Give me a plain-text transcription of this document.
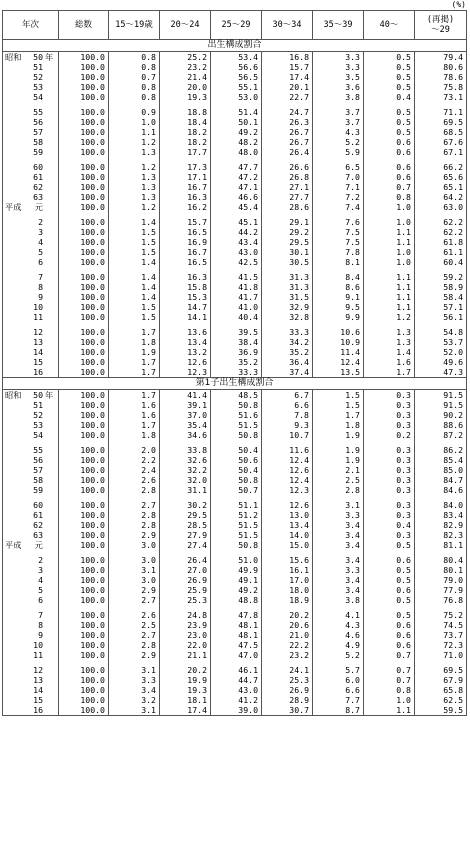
(%)
年次	総数	15～19歳	20～24	25～29	30～34	35～39	40～	(再掲)
～29
出生構成割合								
昭和 50 年	100.0	0.8	25.2	53.4	16.8	3.3	0.5	79.4
51	100.0	0.8	23.2	56.6	15.7	3.3	0.5	80.6
52	100.0	0.7	21.4	56.5	17.4	3.5	0.5	78.6
53	100.0	0.8	20.0	55.1	20.1	3.6	0.5	75.8
54	100.0	0.8	19.3	53.0	22.7	3.8	0.4	73.1

55	100.0	0.9	18.8	51.4	24.7	3.7	0.5	71.1
56	100.0	1.0	18.4	50.1	26.3	3.7	0.5	69.5
57	100.0	1.1	18.2	49.2	26.7	4.3	0.5	68.5
58	100.0	1.2	18.2	48.2	26.7	5.2	0.6	67.6
59	100.0	1.3	17.7	48.0	26.4	5.9	0.6	67.1

60	100.0	1.2	17.3	47.7	26.6	6.5	0.6	66.2
61	100.0	1.3	17.1	47.2	26.8	7.0	0.6	65.6
62	100.0	1.3	16.7	47.1	27.1	7.1	0.7	65.1
63	100.0	1.3	16.3	46.6	27.7	7.2	0.8	64.2
平成 元	100.0	1.2	16.2	45.4	28.6	7.4	1.0	63.0

2	100.0	1.4	15.7	45.1	29.1	7.6	1.0	62.2
3	100.0	1.5	16.5	44.2	29.2	7.5	1.1	62.2
4	100.0	1.5	16.9	43.4	29.5	7.5	1.1	61.8
5	100.0	1.5	16.7	43.0	30.1	7.8	1.0	61.1
6	100.0	1.4	16.5	42.5	30.5	8.1	1.0	60.4

7	100.0	1.4	16.3	41.5	31.3	8.4	1.1	59.2
8	100.0	1.4	15.8	41.8	31.3	8.6	1.1	58.9
9	100.0	1.4	15.3	41.7	31.5	9.1	1.1	58.4
10	100.0	1.5	14.7	41.0	32.9	9.5	1.1	57.1
11	100.0	1.5	14.1	40.4	32.8	9.9	1.2	56.1

12	100.0	1.7	13.6	39.5	33.3	10.6	1.3	54.8
13	100.0	1.8	13.4	38.4	34.2	10.9	1.3	53.7
14	100.0	1.9	13.2	36.9	35.2	11.4	1.4	52.0
15	100.0	1.7	12.6	35.2	36.4	12.4	1.6	49.6
16	100.0	1.7	12.3	33.3	37.4	13.5	1.7	47.3
第1子出生構成割合								
昭和 50 年	100.0	1.7	41.4	48.5	6.7	1.5	0.3	91.5
51	100.0	1.6	39.1	50.8	6.6	1.5	0.3	91.5
52	100.0	1.6	37.0	51.6	7.8	1.7	0.3	90.2
53	100.0	1.7	35.4	51.5	9.3	1.8	0.3	88.6
54	100.0	1.8	34.6	50.8	10.7	1.9	0.2	87.2

55	100.0	2.0	33.8	50.4	11.6	1.9	0.3	86.2
56	100.0	2.2	32.6	50.6	12.4	1.9	0.3	85.4
57	100.0	2.4	32.2	50.4	12.6	2.1	0.3	85.0
58	100.0	2.6	32.0	50.8	12.4	2.5	0.3	84.7
59	100.0	2.8	31.1	50.7	12.3	2.8	0.3	84.6

60	100.0	2.7	30.2	51.1	12.6	3.1	0.3	84.0
61	100.0	2.8	29.5	51.2	13.0	3.3	0.3	83.4
62	100.0	2.8	28.5	51.5	13.4	3.4	0.4	82.9
63	100.0	2.9	27.9	51.5	14.0	3.4	0.3	82.3
平成 元	100.0	3.0	27.4	50.8	15.0	3.4	0.5	81.1

2	100.0	3.0	26.4	51.0	15.6	3.4	0.6	80.4
3	100.0	3.1	27.0	49.9	16.1	3.3	0.5	80.1
4	100.0	3.0	26.9	49.1	17.0	3.4	0.5	79.0
5	100.0	2.9	25.9	49.2	18.0	3.4	0.6	77.9
6	100.0	2.7	25.3	48.8	18.9	3.8	0.5	76.8

7	100.0	2.6	24.8	47.8	20.2	4.1	0.5	75.2
8	100.0	2.5	23.9	48.1	20.6	4.3	0.6	74.5
9	100.0	2.7	23.0	48.1	21.0	4.6	0.6	73.7
10	100.0	2.8	22.0	47.5	22.2	4.9	0.6	72.3
11	100.0	2.9	21.1	47.0	23.2	5.2	0.7	71.0

12	100.0	3.1	20.2	46.1	24.1	5.7	0.7	69.5
13	100.0	3.3	19.9	44.7	25.3	6.0	0.7	67.9
14	100.0	3.4	19.3	43.0	26.9	6.6	0.8	65.8
15	100.0	3.2	18.1	41.2	28.9	7.7	1.0	62.5
16	100.0	3.1	17.4	39.0	30.7	8.7	1.1	59.5
